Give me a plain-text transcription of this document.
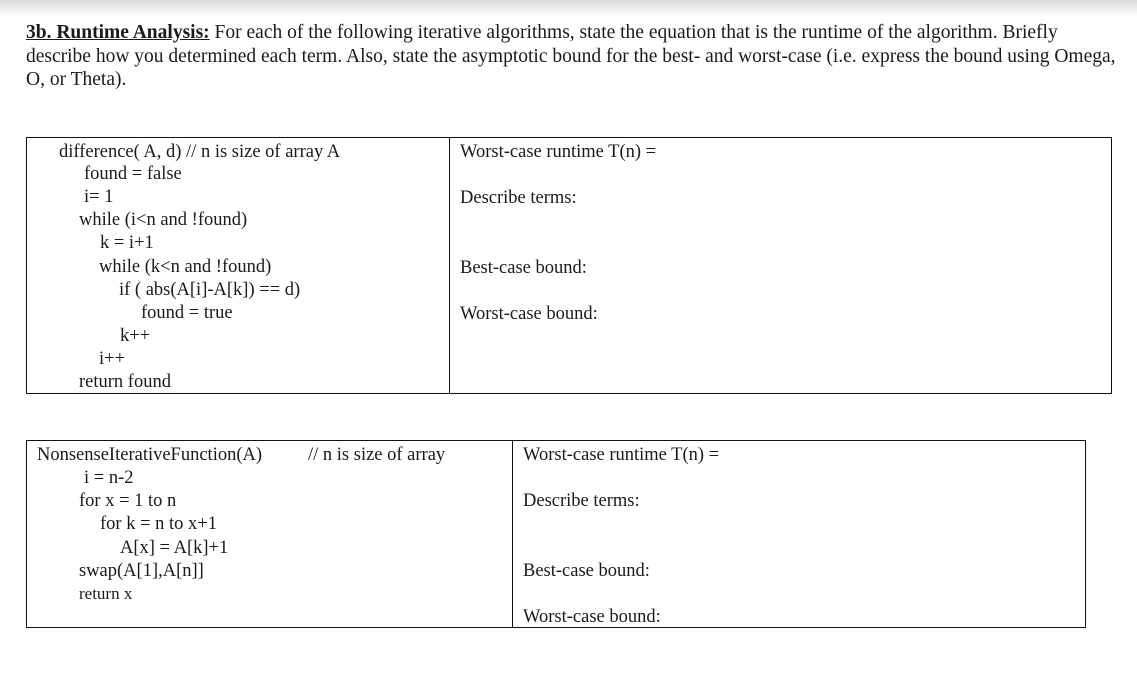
3b. Runtime Analysis: For each of the following iterative algorithms, state the equation that is the runtime of the algorithm. Briefly describe how you determined each term. Also, state the asymptotic bound for the best- and worst-case (i.e. express the bound using Omega, O, or Theta).

difference( A, d) // n is size of array A
found = false
i= 1
while (i<n and !found)
k = i+1
while (k<n and !found)
if ( abs(A[i]-A[k]) == d)
found = true
k++
i++
return found
Worst-case runtime T(n) =
Describe terms:
Best-case bound:
Worst-case bound:
NonsenseIterativeFunction(A) // n is size of array
i = n-2
for x = 1 to n
for k = n to x+1
A[x] = A[k]+1
swap(A[1],A[n]]
return x
Worst-case runtime T(n) =
Describe terms:
Best-case bound:
Worst-case bound:
